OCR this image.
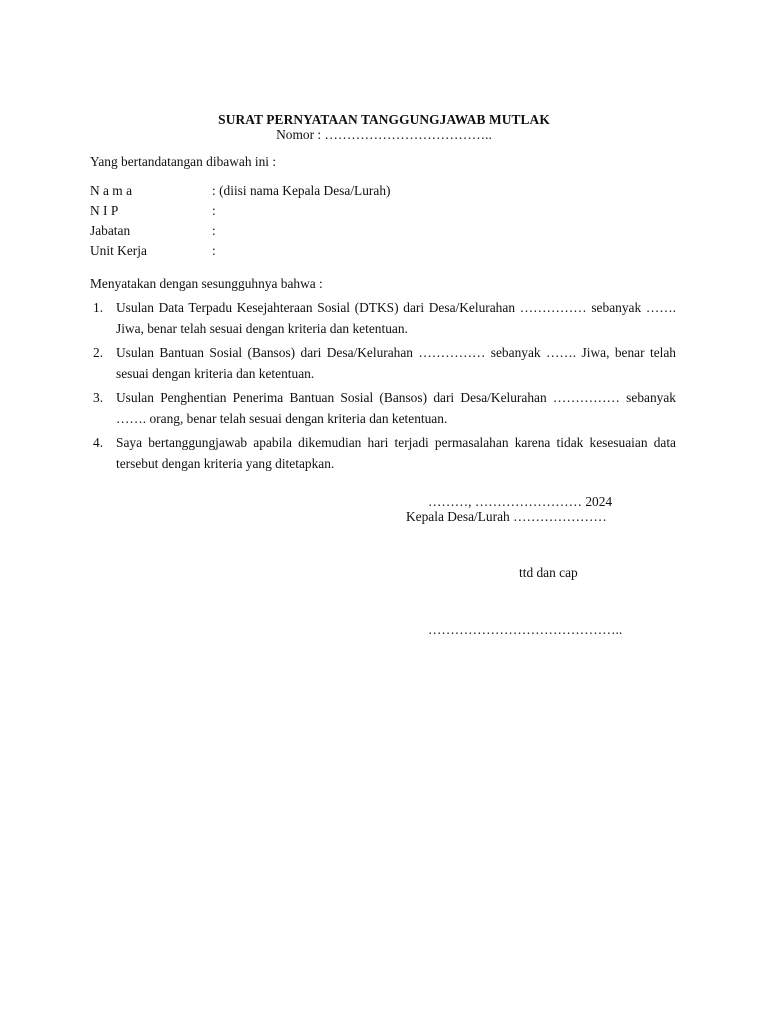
SURAT PERNYATAAN TANGGUNGJAWAB MUTLAK
Nomor : ………………………………..
Yang bertandatangan dibawah ini :
N a m a	: (diisi nama Kepala Desa/Lurah)
N I P	:
Jabatan	:
Unit Kerja	:
Menyatakan dengan sesungguhnya bahwa :
1. Usulan Data Terpadu Kesejahteraan Sosial (DTKS) dari Desa/Kelurahan …………… sebanyak ……. Jiwa, benar telah sesuai dengan kriteria dan ketentuan.
2. Usulan Bantuan Sosial (Bansos) dari Desa/Kelurahan …………… sebanyak ……. Jiwa, benar telah sesuai dengan kriteria dan ketentuan.
3. Usulan Penghentian Penerima Bantuan Sosial (Bansos) dari Desa/Kelurahan …………… sebanyak ……. orang, benar telah sesuai dengan kriteria dan ketentuan.
4. Saya bertanggungjawab apabila dikemudian hari terjadi permasalahan karena tidak kesesuaian data tersebut dengan kriteria yang ditetapkan.
………, …………………… 2024
Kepala Desa/Lurah …………………
ttd dan cap
……………………………………..
